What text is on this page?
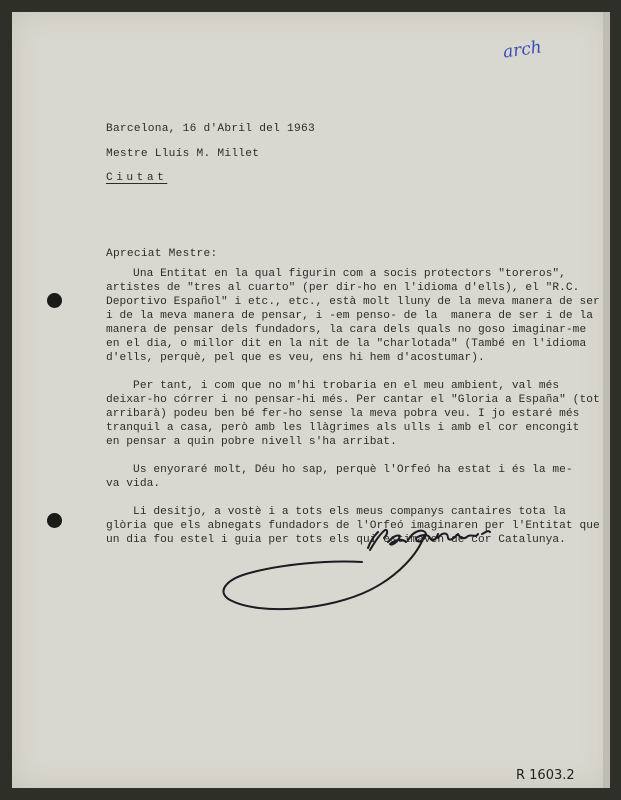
arch
Barcelona, 16 d'Abril del 1963
Mestre Lluís M. Millet
Ciutat
Apreciat Mestre:
Una Entitat en la qual figurin com a socis protectors "toreros",
artistes de "tres al cuarto" (per dir-ho en l'idioma d'ells), el "R.C.
Deportivo Español" i etc., etc., està molt lluny de la meva manera de ser
i de la meva manera de pensar, i -em penso- de la  manera de ser i de la
manera de pensar dels fundadors, la cara dels quals no goso imaginar-me
en el dia, o millor dit en la nit de la "charlotada" (També en l'idioma
d'ells, perquè, pel que es veu, ens hi hem d'acostumar).
Per tant, i com que no m'hi trobaria en el meu ambient, val més
deixar-ho córrer i no pensar-hi més. Per cantar el "Gloria a España" (tot
arribarà) podeu ben bé fer-ho sense la meva pobra veu. I jo estaré més
tranquil a casa, però amb les llàgrimes als ulls i amb el cor encongit
en pensar a quin pobre nivell s'ha arribat.
Us enyoraré molt, Déu ho sap, perquè l'Orfeó ha estat i és la me-
va vida.
Li desitjo, a vostè i a tots els meus companys cantaires tota la
glòria que els abnegats fundadors de l'Orfeó imaginaren per l'Entitat que
un dia fou estel i guia per tots els qui estimaven de cor Catalunya.
R 1603.2
